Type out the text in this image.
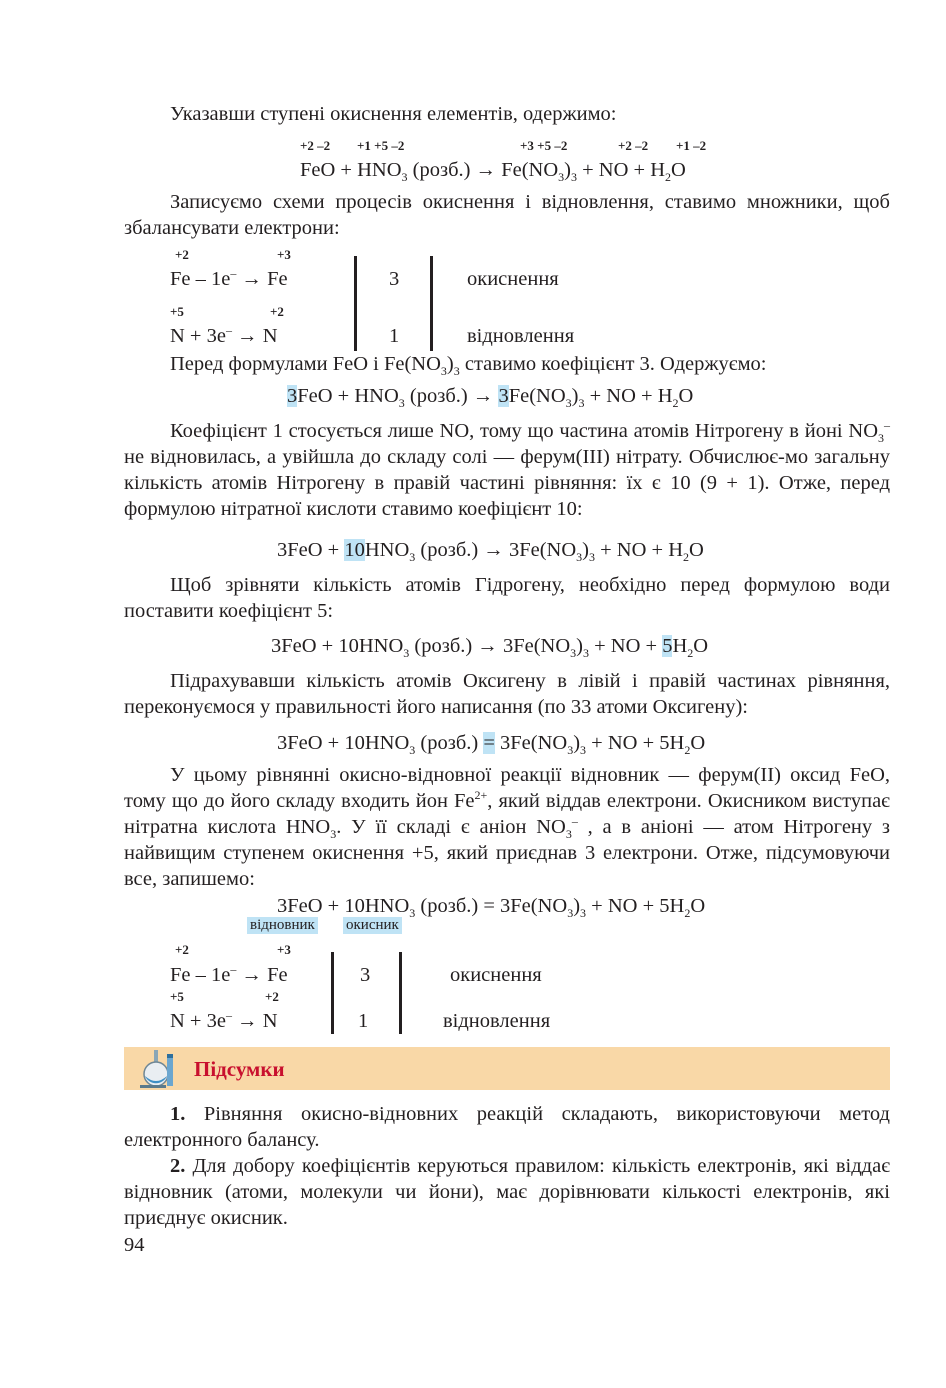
Указавши ступені окиснення елементів, одержимо:
+2 –2 +1 +5 –2	+3 +5 –2	+2 –2 +1 –2
FeO + $HNO_3$ (розб.) → $Fe(NO_3)_3$ + NO + $H_2O$
Записуємо схеми процесів окиснення і відновлення, ставимо множники, щоб збалансувати електрони:
+2	+3
Fe – 1e– → Fe	3	окиснення
+5	+2
N + 3e– → N	1	відновлення
Перед формулами FeO і $Fe(NO_3)_3$ ставимо коефіцієнт 3. Одержуємо:
$3FeO + HNO_3$ (розб.) → $3Fe(NO_3)_3$ + NO + $H_2O$
Коефіцієнт 1 стосується лише NO, тому що частина атомів Нітрогену в йоні $NO_3^-$ не відновилась, а увійшла до складу солі — ферум(III) нітрату. Обчислює-мо загальну кількість атомів Нітрогену в правій частині рівняння: їх є 10 (9 + 1). Отже, перед формулою нітратної кислоти ставимо коефіцієнт 10:
$3FeO + 10HNO_3$ (розб.) → $3Fe(NO_3)_3$ + NO + $H_2O$
Щоб зрівняти кількість атомів Гідрогену, необхідно перед формулою води поставити коефіцієнт 5:
$3FeO + 10HNO_3$ (розб.) → $3Fe(NO_3)_3$ + NO + $5H_2O$
Підрахувавши кількість атомів Оксигену в лівій і правій частинах рівняння, переконуємося у правильності його написання (по 33 атоми Оксигену):
$3FeO + 10HNO_3$ (розб.) = $3Fe(NO_3)_3$ + NO + $5H_2O$
У цьому рівнянні окисно-відновної реакції відновник — ферум(II) оксид FeO, тому що до його складу входить йон $Fe^{2+}$, який віддав електрони. Окисником виступає нітратна кислота $HNO_3$. У її складі є аніон $NO_3^-$ , а в аніоні — атом Нітрогену з найвищим ступенем окиснення +5, який приєднав 3 електрони. Отже, підсумовуючи все, запишемо:
$3FeO + 10HNO_3$ (розб.) = $3Fe(NO_3)_3$ + NO + $5H_2O$
відновник окисник
+2	+3
Fe – 1e– → Fe	3	окиснення
+5	+2
N + 3e– → N	1	відновлення
Підсумки
1. Рівняння окисно-відновних реакцій складають, використовуючи метод електронного балансу.
2. Для добору коефіцієнтів керуються правилом: кількість електронів, які віддає відновник (атоми, молекули чи йони), має дорівнювати кількості електронів, які приєднує окисник.
94
